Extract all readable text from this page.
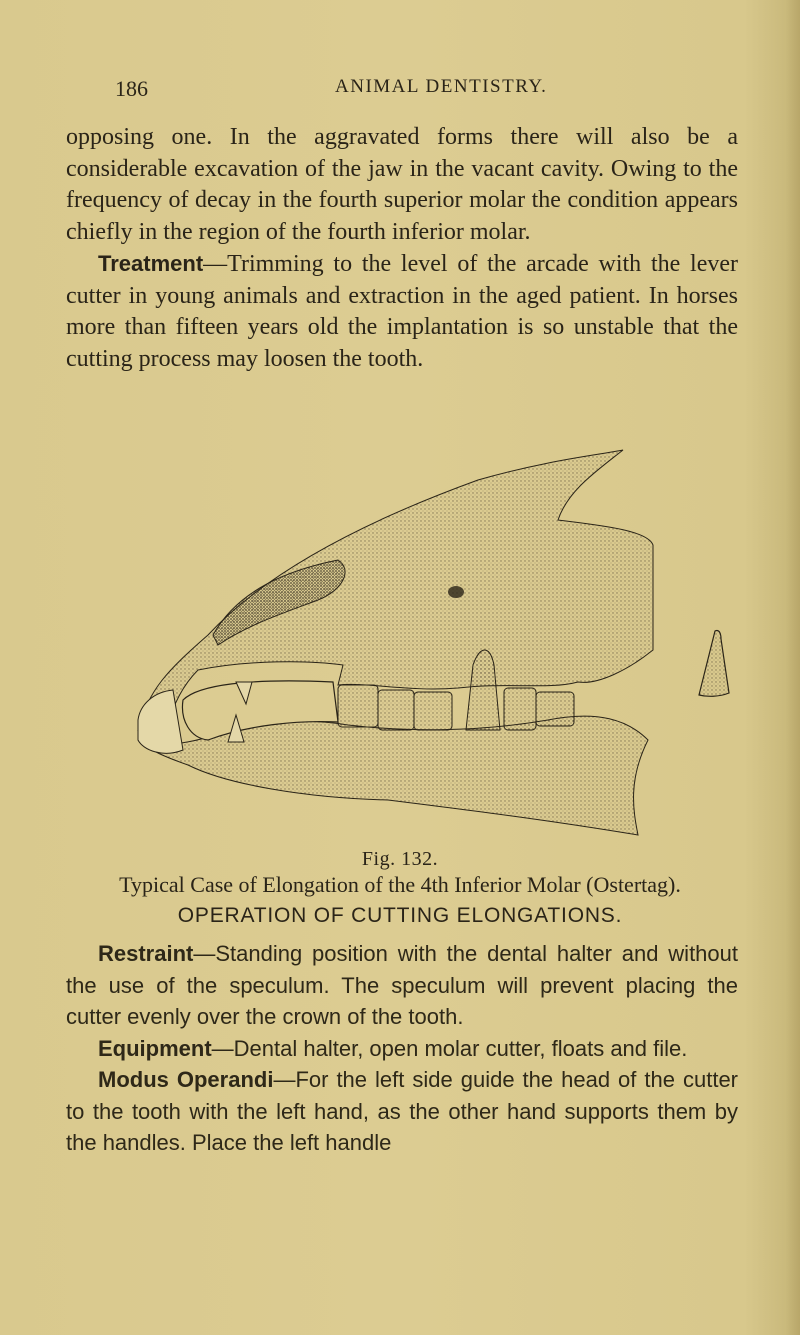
186	ANIMAL DENTISTRY.

opposing one. In the aggravated forms there will also be a considerable excavation of the jaw in the vacant cavity. Owing to the frequency of decay in the fourth superior molar the condition appears chiefly in the region of the fourth inferior molar.

Treatment—Trimming to the level of the arcade with the lever cutter in young animals and extraction in the aged patient. In horses more than fifteen years old the implantation is so unstable that the cutting process may loosen the tooth.

Fig. 132.
Typical Case of Elongation of the 4th Inferior Molar (Ostertag).
OPERATION OF CUTTING ELONGATIONS.

Restraint—Standing position with the dental halter and without the use of the speculum. The speculum will prevent placing the cutter evenly over the crown of the tooth.

Equipment—Dental halter, open molar cutter, floats and file.

Modus Operandi—For the left side guide the head of the cutter to the tooth with the left hand, as the other hand supports them by the handles. Place the left handle
